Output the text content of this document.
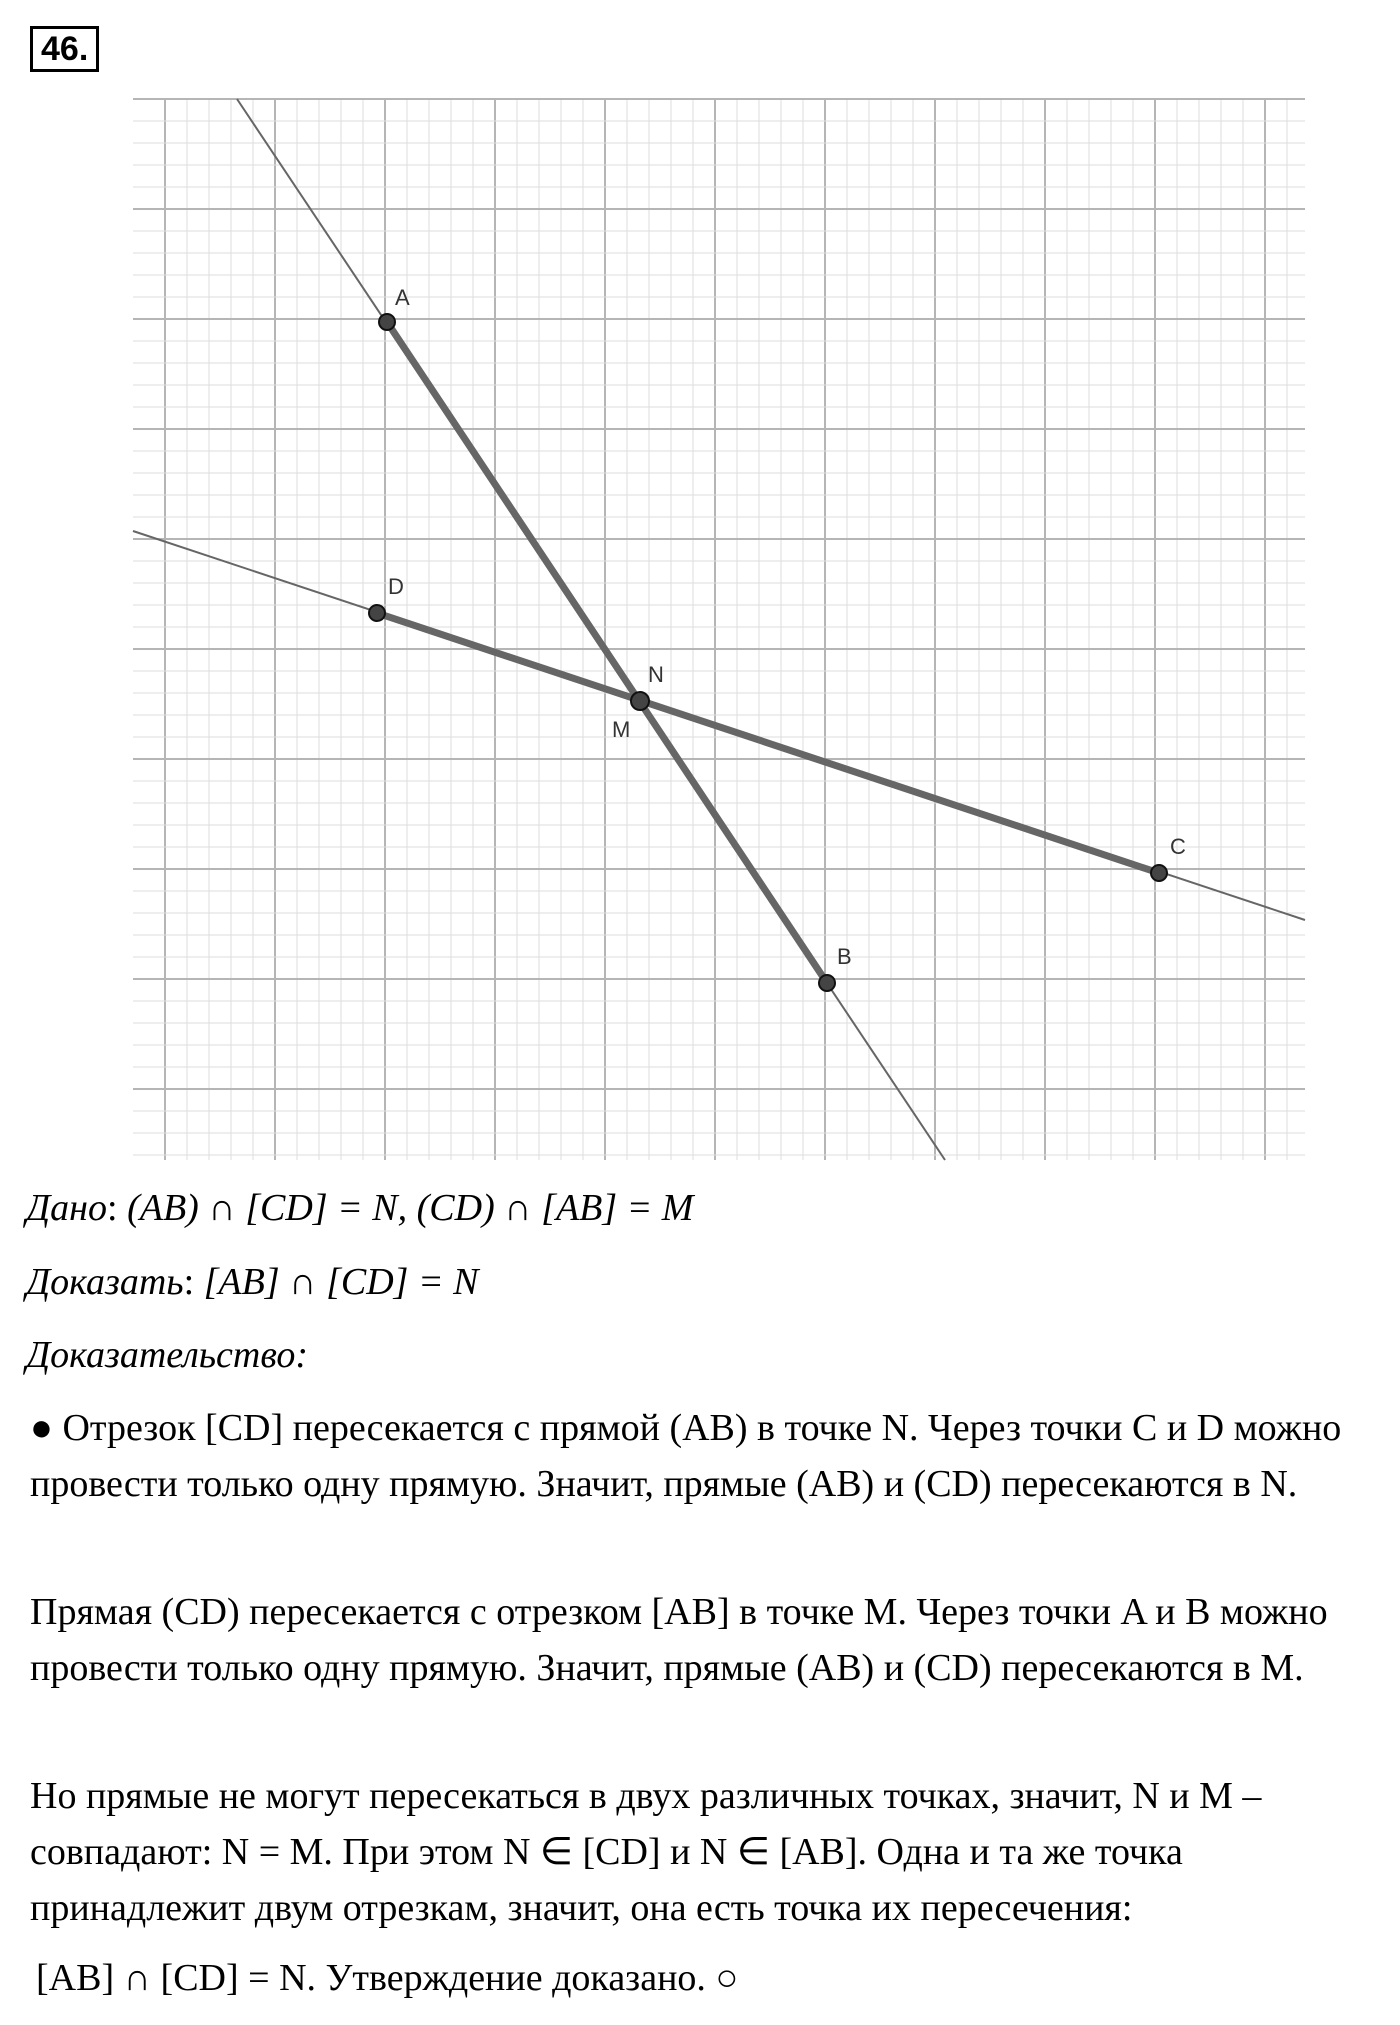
46.
A
D
N
M
C
B
Дано: (AB) ∩ [CD] = N, (CD) ∩ [AB] = M
Доказать: [AB] ∩ [CD] = N
Доказательство:
● Отрезок [CD] пересекается с прямой (AB) в точке N. Через точки C и D можно провести только одну прямую. Значит, прямые (AB) и (CD) пересекаются в N.
Прямая (CD) пересекается с отрезком [AB] в точке M. Через точки A и B можно провести только одну прямую. Значит, прямые (AB) и (CD) пересекаются в M.
Но прямые не могут пересекаться в двух различных точках, значит, N и M – совпадают: N = M. При этом N ∈ [CD] и N ∈ [AB]. Одна и та же точка принадлежит двум отрезкам, значит, она есть точка их пересечения:
[AB] ∩ [CD] = N. Утверждение доказано. ○
